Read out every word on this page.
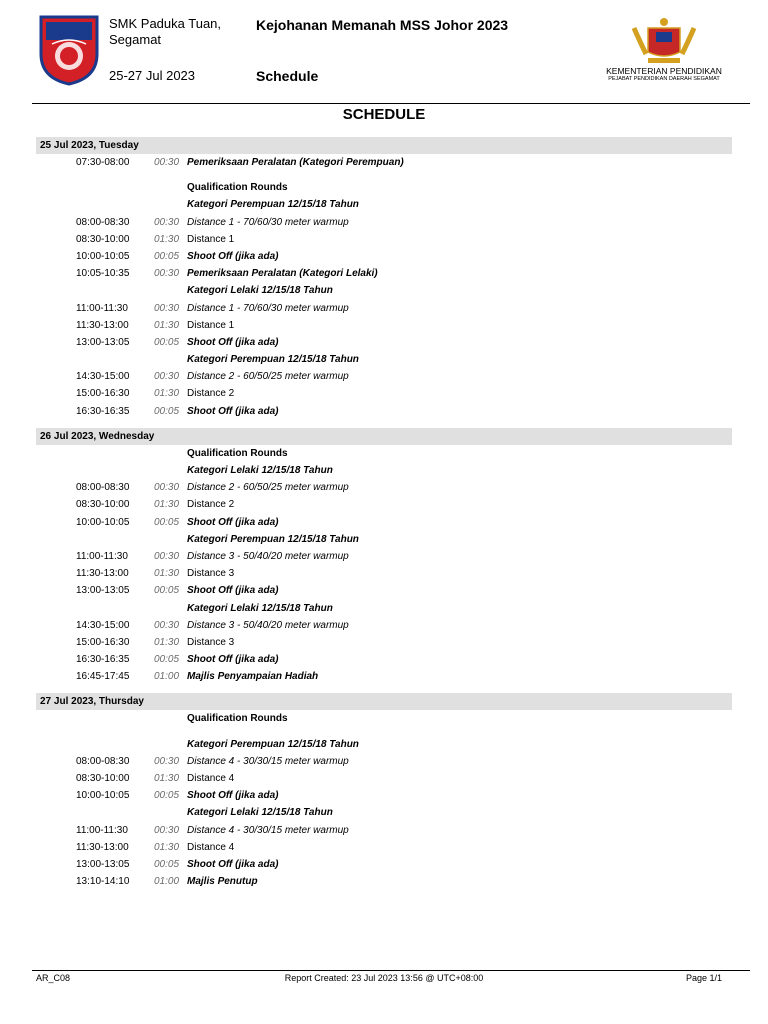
SMK Paduka Tuan,
Segamat
25-27 Jul 2023
Kejohanan Memanah MSS Johor 2023
Schedule	KEMENTERIAN PENDIDIKAN
PEJABAT PENDIDIKAN DAERAH SEGAMAT
SCHEDULE
25 Jul 2023, Tuesday
07:30-08:00	00:30 Pemeriksaan Peralatan (Kategori Perempuan)
Qualification Rounds
Kategori Perempuan 12/15/18 Tahun
08:00-08:30	00:30 Distance 1 - 70/60/30 meter warmup
08:30-10:00	01:30 Distance 1
10:00-10:05	00:05 Shoot Off (jika ada)
10:05-10:35	00:30 Pemeriksaan Peralatan (Kategori Lelaki)
Kategori Lelaki 12/15/18 Tahun
11:00-11:30	00:30 Distance 1 - 70/60/30 meter warmup
11:30-13:00	01:30 Distance 1
13:00-13:05	00:05 Shoot Off (jika ada)
Kategori Perempuan 12/15/18 Tahun
14:30-15:00	00:30 Distance 2 - 60/50/25 meter warmup
15:00-16:30	01:30 Distance 2
16:30-16:35	00:05 Shoot Off (jika ada)
26 Jul 2023, Wednesday
Qualification Rounds
Kategori Lelaki 12/15/18 Tahun
08:00-08:30	00:30 Distance 2 - 60/50/25 meter warmup
08:30-10:00	01:30 Distance 2
10:00-10:05	00:05 Shoot Off (jika ada)
Kategori Perempuan 12/15/18 Tahun
11:00-11:30	00:30 Distance 3 - 50/40/20 meter warmup
11:30-13:00	01:30 Distance 3
13:00-13:05	00:05 Shoot Off (jika ada)
Kategori Lelaki 12/15/18 Tahun
14:30-15:00	00:30 Distance 3 - 50/40/20 meter warmup
15:00-16:30	01:30 Distance 3
16:30-16:35	00:05 Shoot Off (jika ada)
16:45-17:45	01:00 Majlis Penyampaian Hadiah
27 Jul 2023, Thursday
Qualification Rounds
Kategori Perempuan 12/15/18 Tahun
08:00-08:30	00:30 Distance 4 - 30/30/15 meter warmup
08:30-10:00	01:30 Distance 4
10:00-10:05	00:05 Shoot Off (jika ada)
Kategori Lelaki 12/15/18 Tahun
11:00-11:30	00:30 Distance 4 - 30/30/15 meter warmup
11:30-13:00	01:30 Distance 4
13:00-13:05	00:05 Shoot Off (jika ada)
13:10-14:10	01:00 Majlis Penutup
AR_C08	Report Created: 23 Jul 2023 13:56 @ UTC+08:00	Page 1/1
